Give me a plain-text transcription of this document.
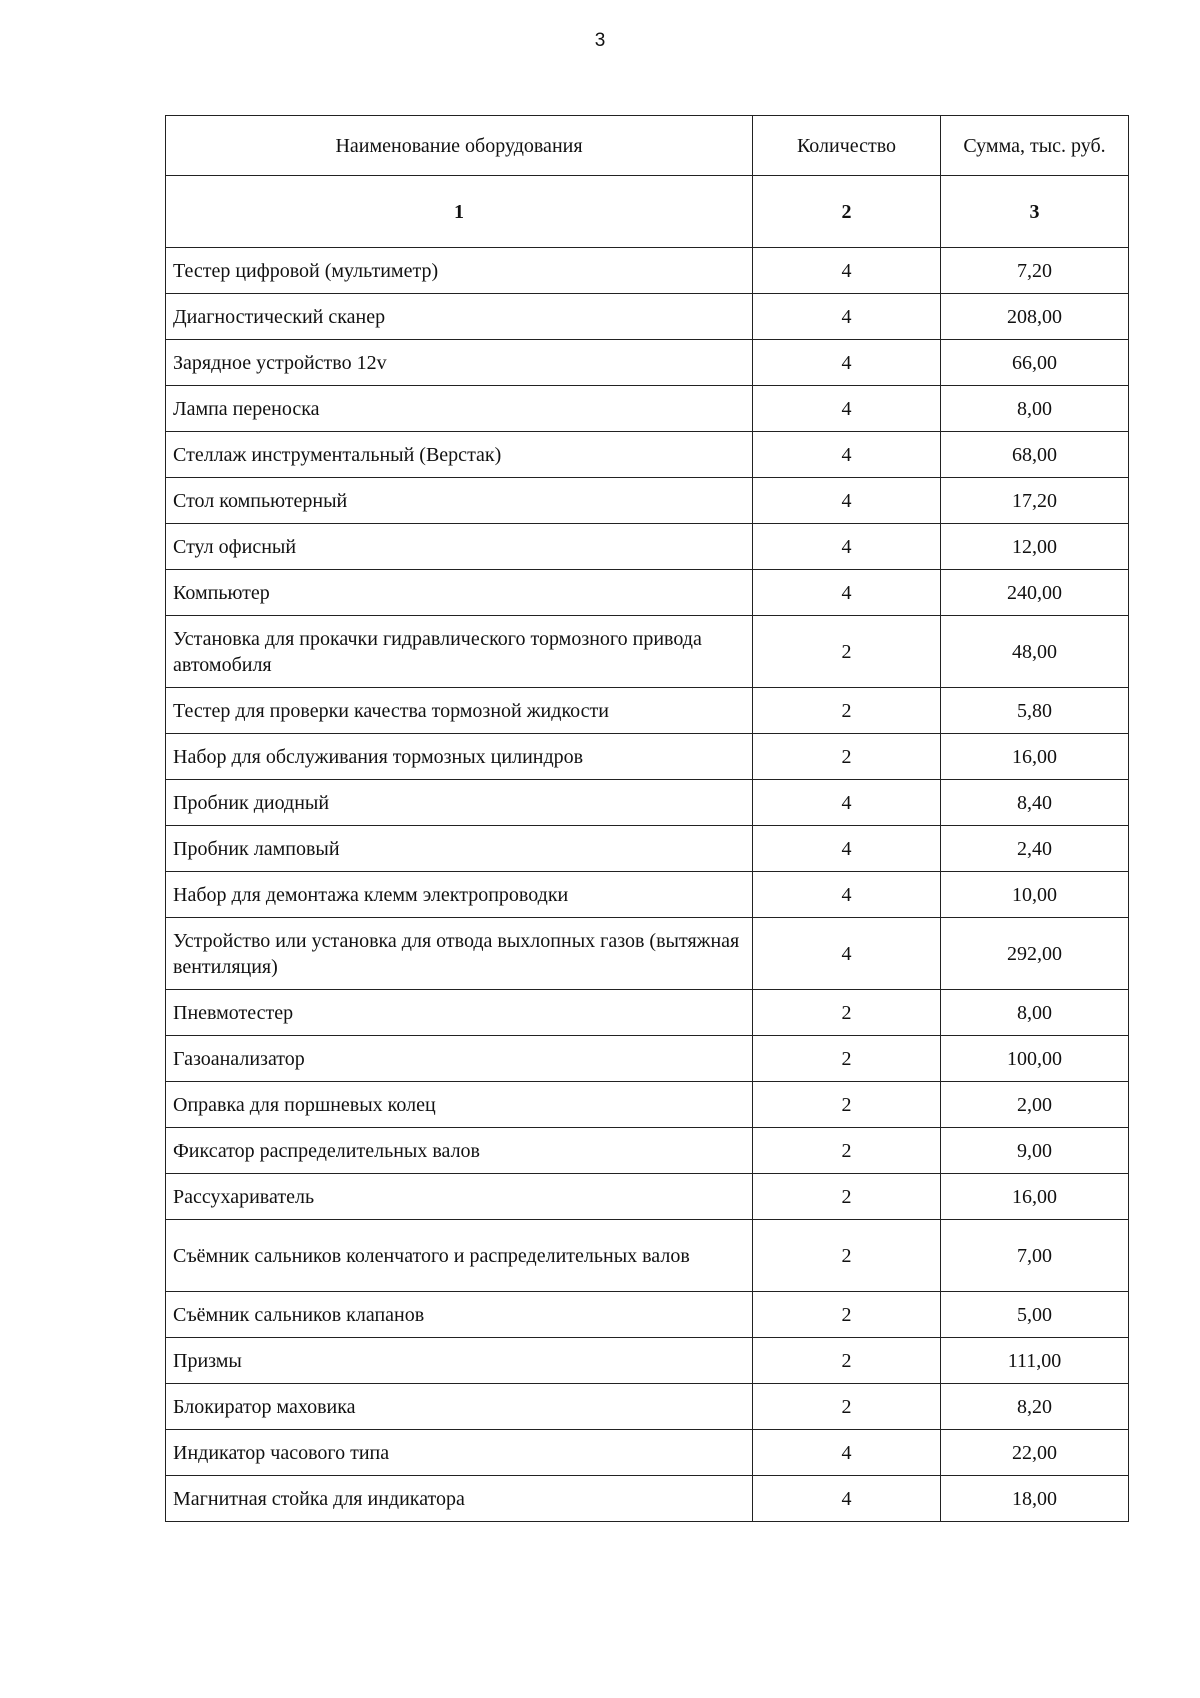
3
Наименование оборудования	Количество	Сумма, тыс. руб.
1	2	3
Тестер цифровой (мультиметр)	4	7,20
Диагностический сканер	4	208,00
Зарядное устройство 12v	4	66,00
Лампа переноска	4	8,00
Стеллаж инструментальный (Верстак)	4	68,00
Стол компьютерный	4	17,20
Стул офисный	4	12,00
Компьютер	4	240,00
Установка для прокачки гидравлического тормозного привода автомобиля	2	48,00
Тестер для проверки качества тормозной жидкости	2	5,80
Набор для обслуживания тормозных цилиндров	2	16,00
Пробник диодный	4	8,40
Пробник ламповый	4	2,40
Набор для демонтажа клемм электропроводки	4	10,00
Устройство или установка для отвода выхлопных газов (вытяжная вентиляция)	4	292,00
Пневмотестер	2	8,00
Газоанализатор	2	100,00
Оправка для поршневых колец	2	2,00
Фиксатор распределительных валов	2	9,00
Рассухариватель	2	16,00
Съёмник сальников коленчатого и распределительных валов	2	7,00
Съёмник сальников клапанов	2	5,00
Призмы	2	111,00
Блокиратор маховика	2	8,20
Индикатор часового типа	4	22,00
Магнитная стойка для индикатора	4	18,00
